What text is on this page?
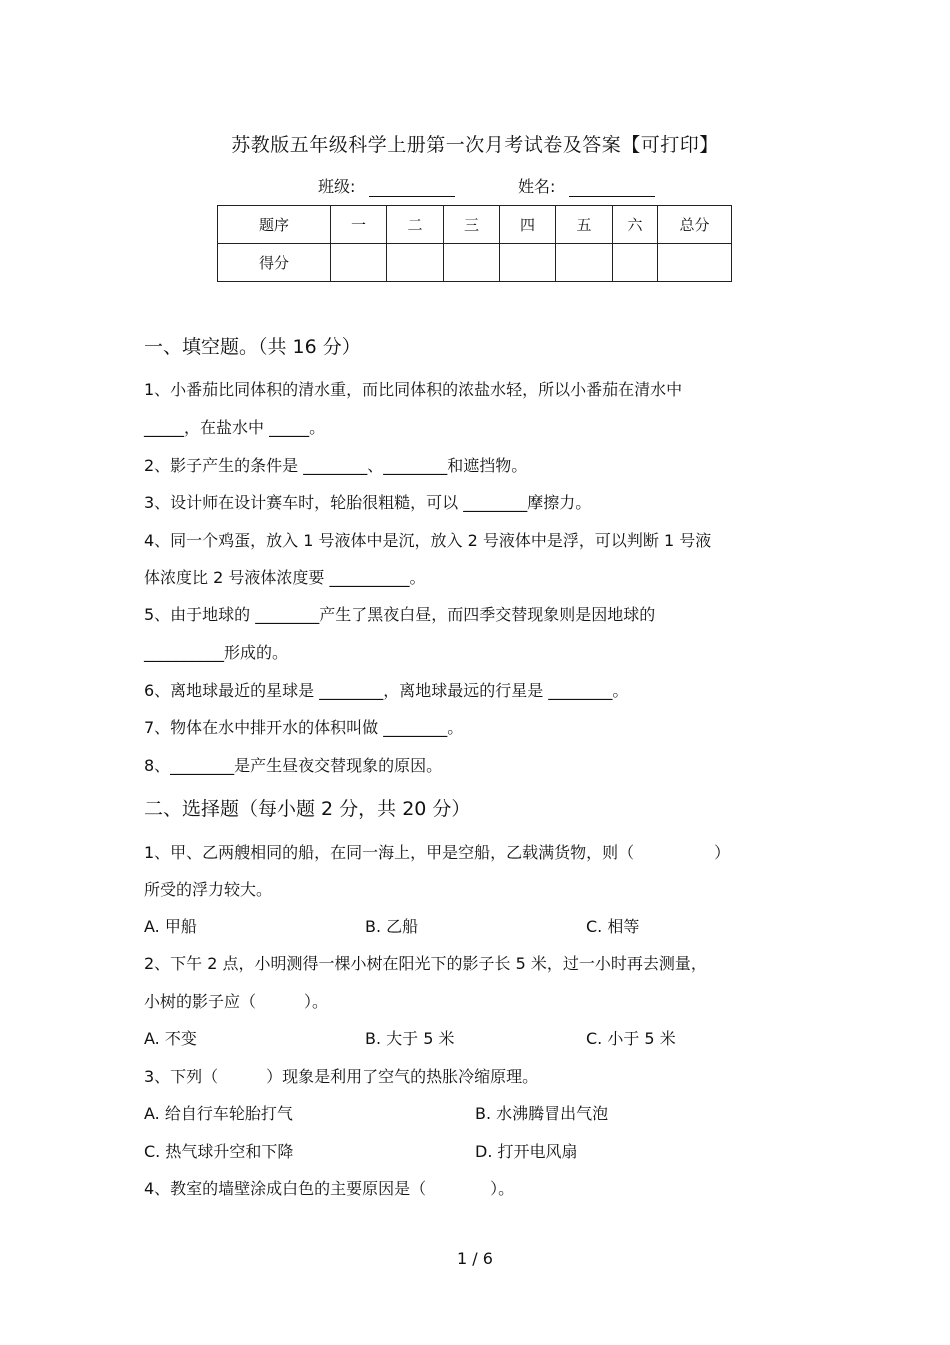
苏教版五年级科学上册第一次月考试卷及答案【可打印】
班级:	姓名:
题序	一	二	三	四	五	六	总分
得分							
一、填空题。（共 16 分）
1、小番茄比同体积的清水重，而比同体积的浓盐水轻，所以小番茄在清水中
_____，在盐水中 _____。
2、影子产生的条件是 ________、________和遮挡物。
3、设计师在设计赛车时，轮胎很粗糙，可以 ________摩擦力。
4、同一个鸡蛋，放入 1 号液体中是沉，放入 2 号液体中是浮，可以判断 1 号液
体浓度比 2 号液体浓度要 __________。
5、由于地球的 ________产生了黑夜白昼，而四季交替现象则是因地球的
__________形成的。
6、离地球最近的星球是 ________，离地球最远的行星是 ________。
7、物体在水中排开水的体积叫做 ________。
8、________是产生昼夜交替现象的原因。
二、选择题（每小题 2 分，共 20 分）
1、甲、乙两艘相同的船，在同一海上，甲是空船，乙载满货物，则（　　　　　）
所受的浮力较大。
A. 甲船	B. 乙船	C. 相等
2、下午 2 点，小明测得一棵小树在阳光下的影子长 5 米，过一小时再去测量，
小树的影子应（　　　）。
A. 不变	B. 大于 5 米	C. 小于 5 米
3、下列（　　　）现象是利用了空气的热胀冷缩原理。
A. 给自行车轮胎打气	B. 水沸腾冒出气泡
C. 热气球升空和下降	D. 打开电风扇
4、教室的墙壁涂成白色的主要原因是（　　　　）。
1 / 6
